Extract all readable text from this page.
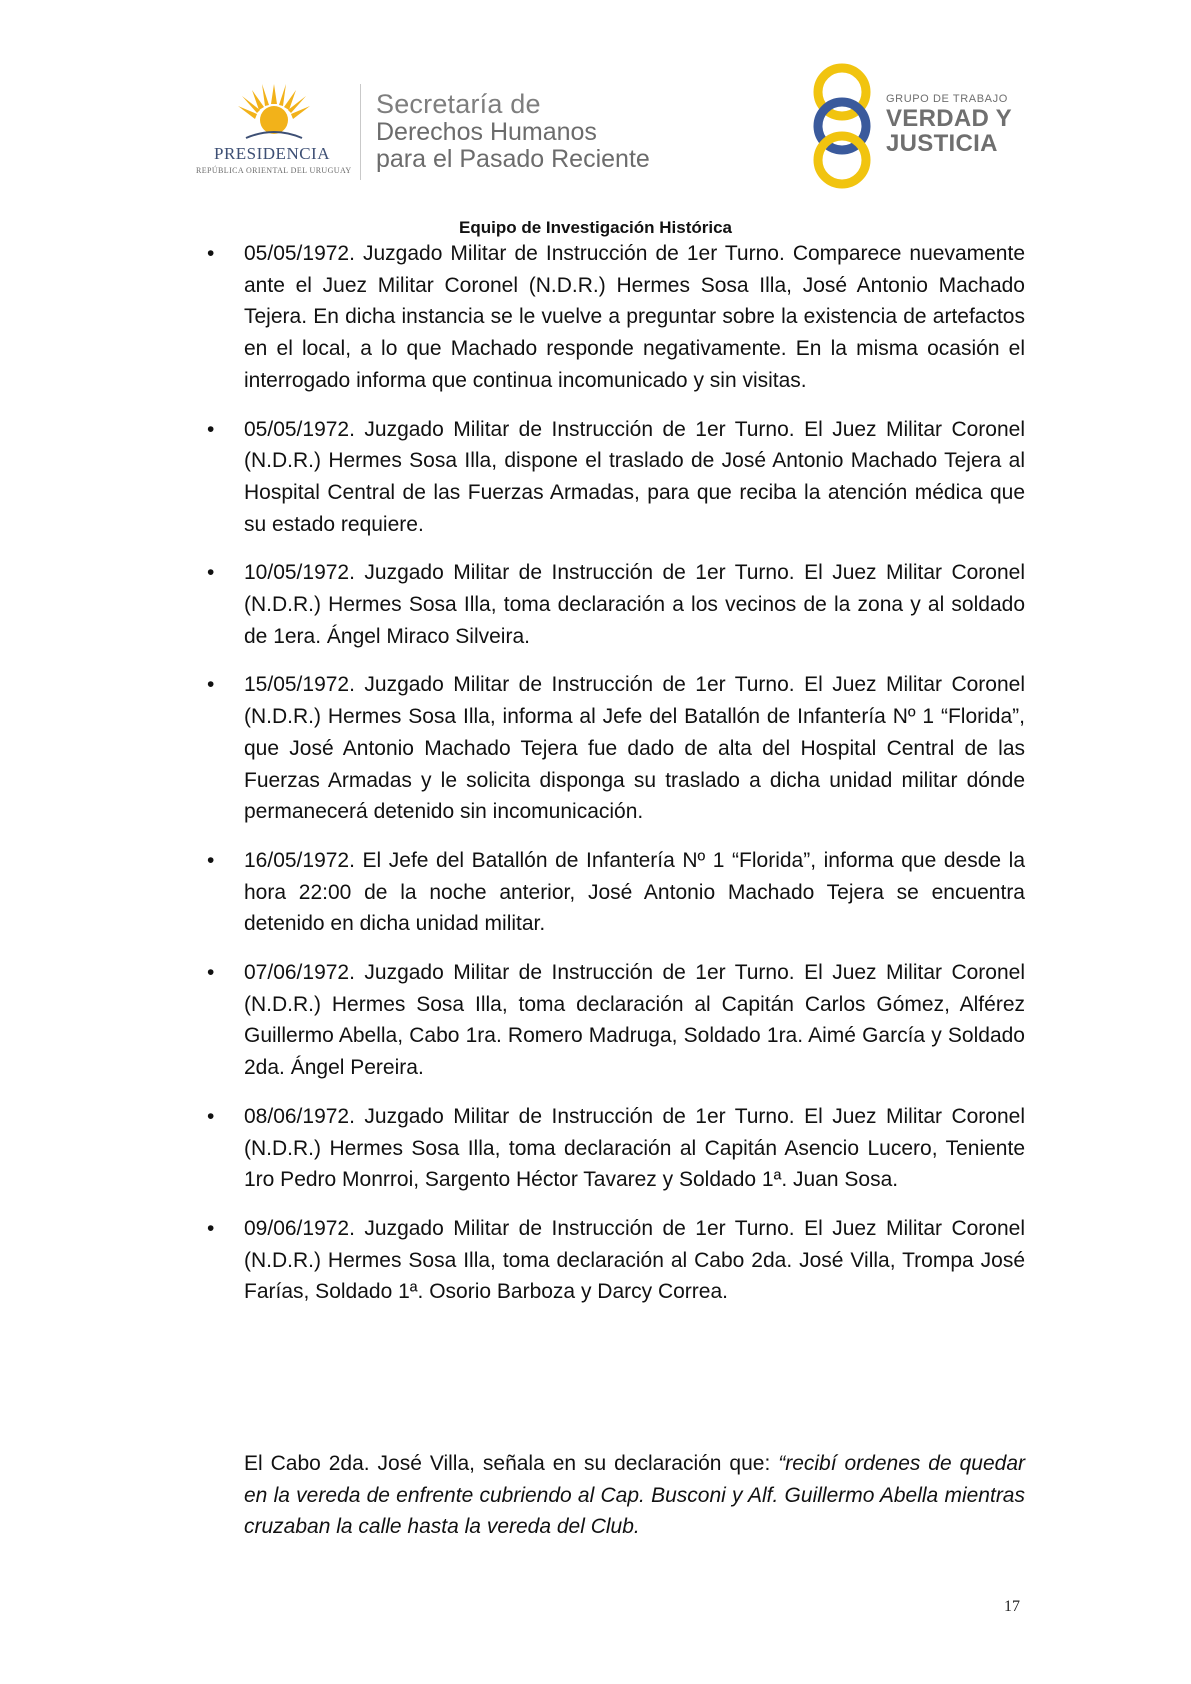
PRESIDENCIA
REPÚBLICA ORIENTAL DEL URUGUAY
Secretaría de
Derechos Humanos
para el Pasado Reciente
GRUPO DE TRABAJO
VERDAD Y
JUSTICIA
Equipo de Investigación Histórica
• 05/05/1972. Juzgado Militar de Instrucción de 1er Turno. Comparece nuevamente ante el Juez Militar Coronel (N.D.R.) Hermes Sosa Illa, José Antonio Machado Tejera. En dicha instancia se le vuelve a preguntar sobre la existencia de artefactos en el local, a lo que Machado responde negativamente. En la misma ocasión el interrogado informa que continua incomunicado y sin visitas.
• 05/05/1972. Juzgado Militar de Instrucción de 1er Turno. El Juez Militar Coronel (N.D.R.) Hermes Sosa Illa, dispone el traslado de José Antonio Machado Tejera al Hospital Central de las Fuerzas Armadas, para que reciba la atención médica que su estado requiere.
• 10/05/1972. Juzgado Militar de Instrucción de 1er Turno. El Juez Militar Coronel (N.D.R.) Hermes Sosa Illa, toma declaración a los vecinos de la zona y al soldado de 1era. Ángel Miraco Silveira.
• 15/05/1972. Juzgado Militar de Instrucción de 1er Turno. El Juez Militar Coronel (N.D.R.) Hermes Sosa Illa, informa al Jefe del Batallón de Infantería Nº 1 “Florida”, que José Antonio Machado Tejera fue dado de alta del Hospital Central de las Fuerzas Armadas y le solicita disponga su traslado a dicha unidad militar dónde permanecerá detenido sin incomunicación.
• 16/05/1972. El Jefe del Batallón de Infantería Nº 1 “Florida”, informa que desde la hora 22:00 de la noche anterior, José Antonio Machado Tejera se encuentra detenido en dicha unidad militar.
• 07/06/1972. Juzgado Militar de Instrucción de 1er Turno. El Juez Militar Coronel (N.D.R.) Hermes Sosa Illa, toma declaración al Capitán Carlos Gómez, Alférez Guillermo Abella, Cabo 1ra. Romero Madruga, Soldado 1ra. Aimé García y Soldado 2da. Ángel Pereira.
• 08/06/1972. Juzgado Militar de Instrucción de 1er Turno. El Juez Militar Coronel (N.D.R.) Hermes Sosa Illa, toma declaración al Capitán Asencio Lucero, Teniente 1ro Pedro Monrroi, Sargento Héctor Tavarez y Soldado 1ª. Juan Sosa.
• 09/06/1972. Juzgado Militar de Instrucción de 1er Turno. El Juez Militar Coronel (N.D.R.) Hermes Sosa Illa, toma declaración al Cabo 2da. José Villa, Trompa José Farías, Soldado 1ª. Osorio Barboza y Darcy Correa.

El Cabo 2da. José Villa, señala en su declaración que: “recibí ordenes de quedar en la vereda de enfrente cubriendo al Cap. Busconi y Alf. Guillermo Abella mientras cruzaban la calle hasta la vereda del Club.

17
